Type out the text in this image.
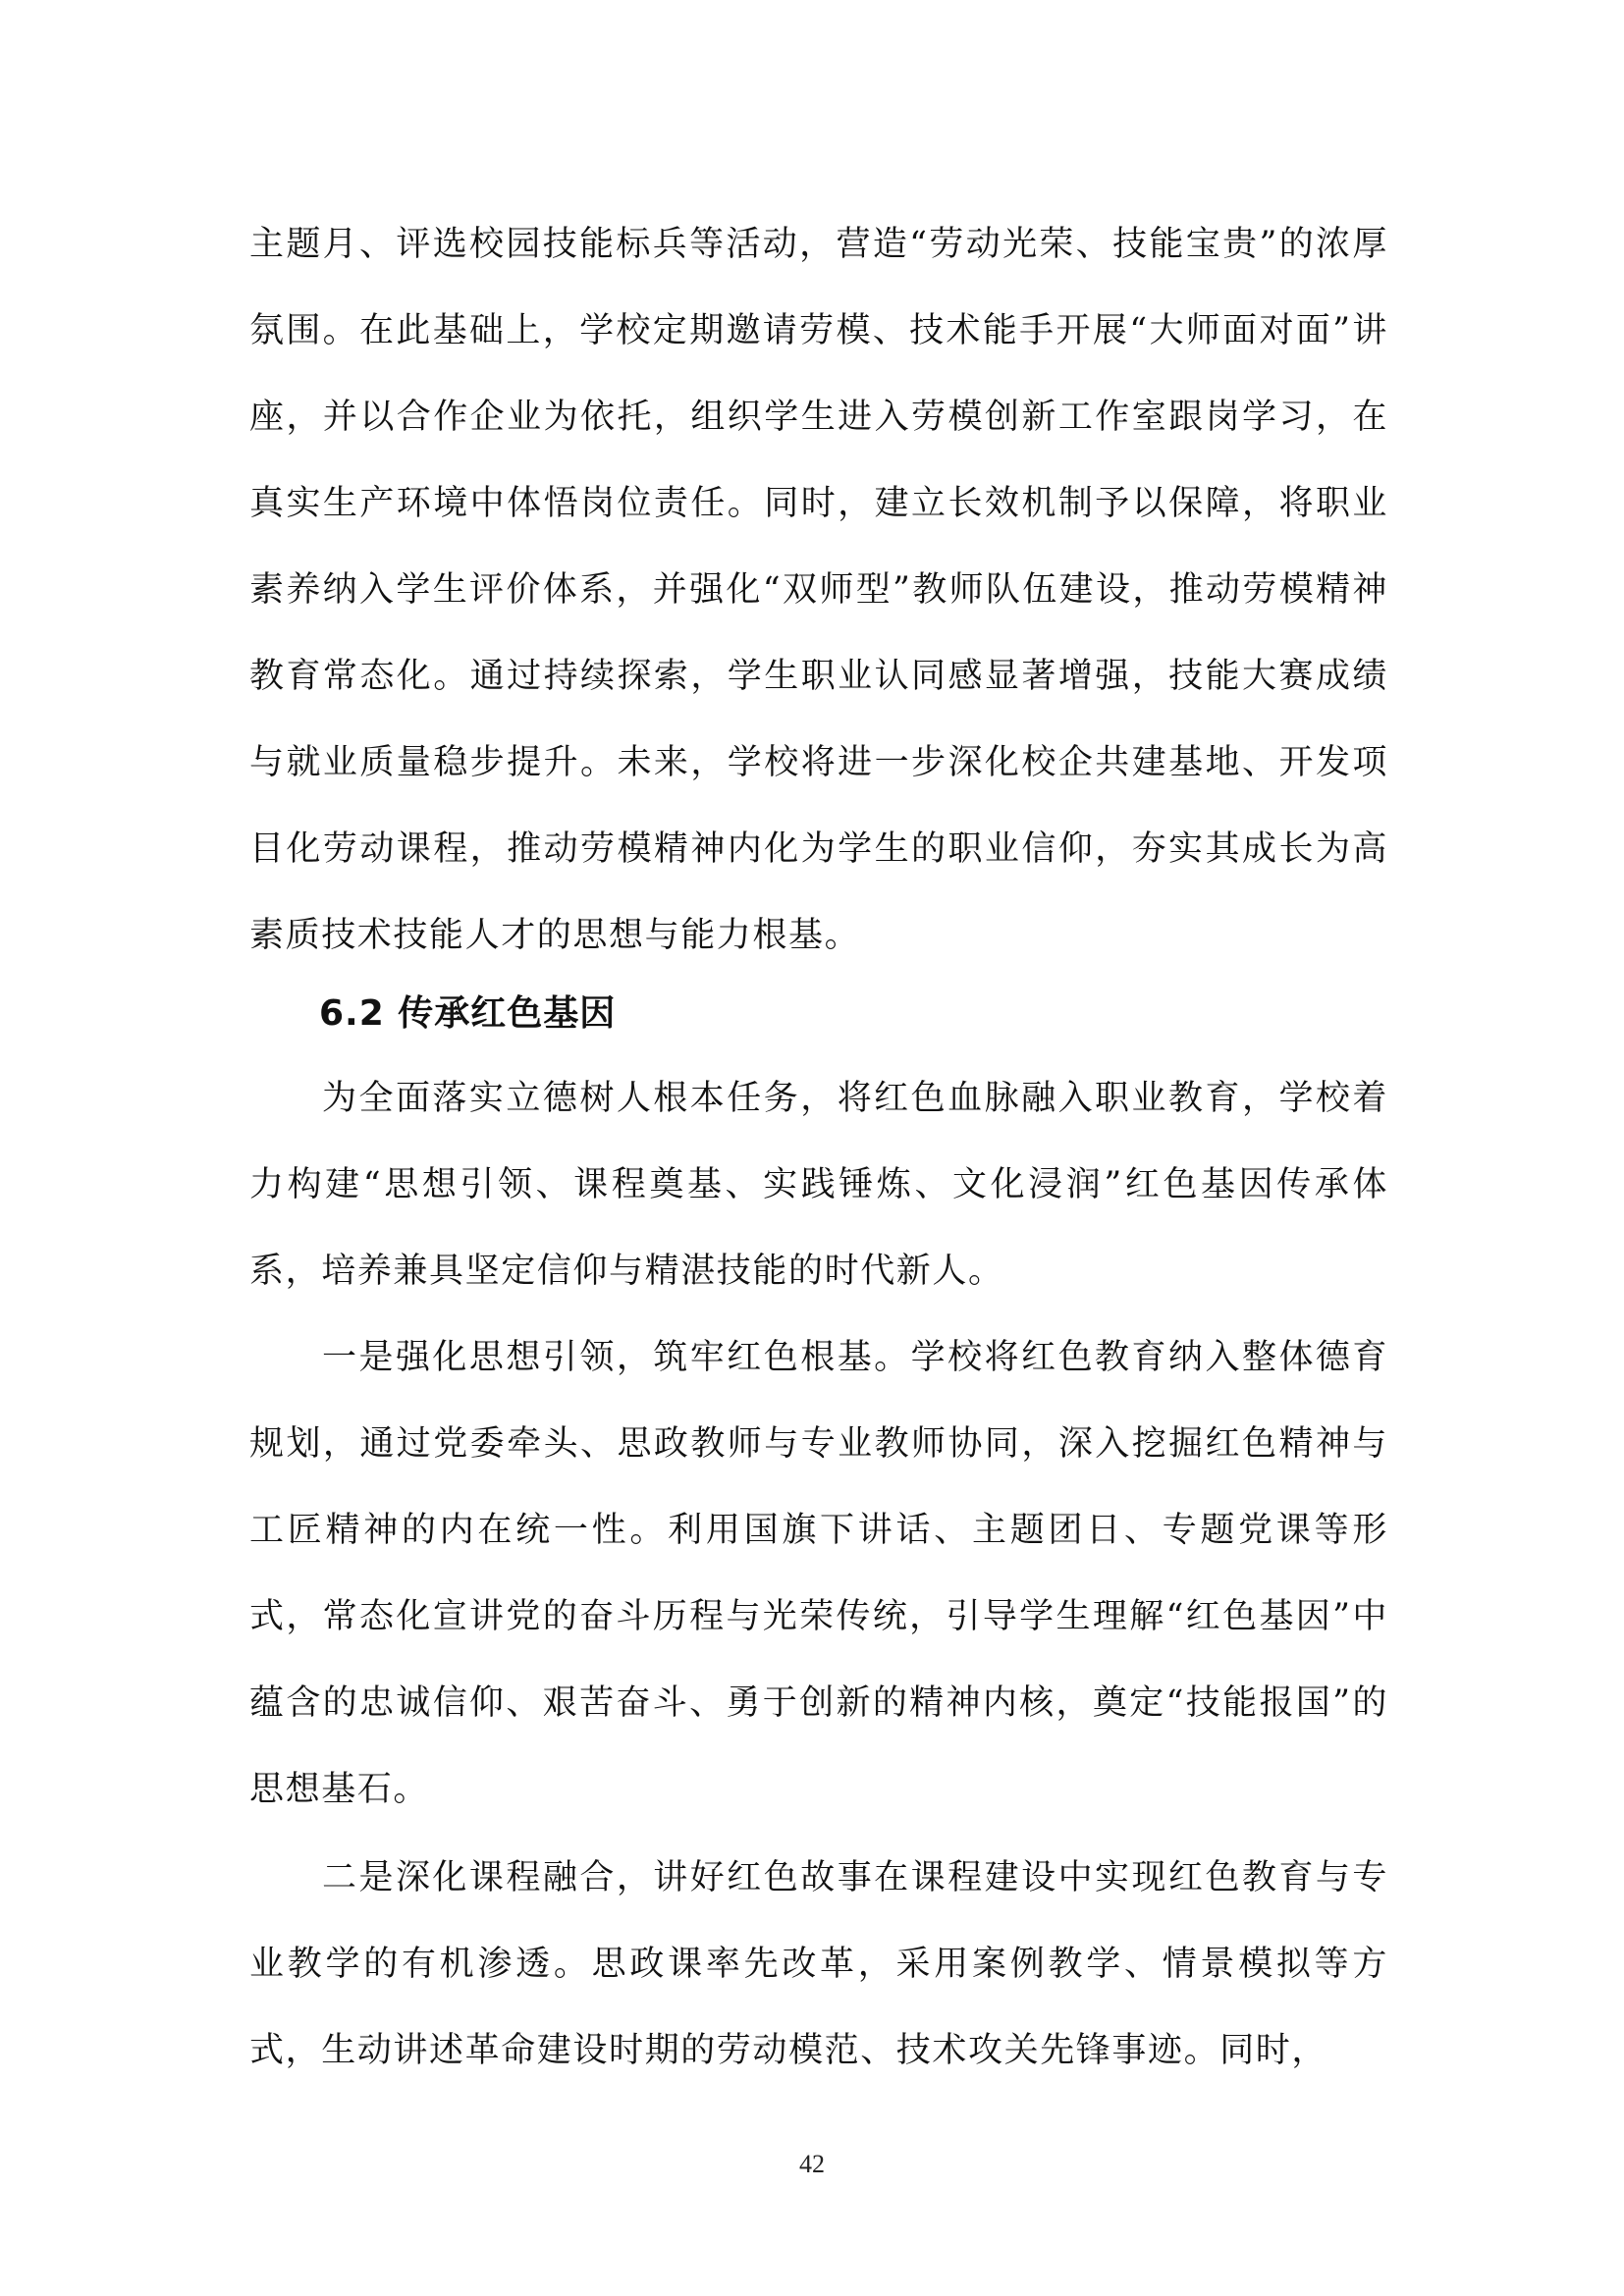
主题月、评选校园技能标兵等活动，营造“劳动光荣、技能宝贵”的浓厚氛围。在此基础上，学校定期邀请劳模、技术能手开展“大师面对面”讲座，并以合作企业为依托，组织学生进入劳模创新工作室跟岗学习，在真实生产环境中体悟岗位责任。同时，建立长效机制予以保障，将职业素养纳入学生评价体系，并强化“双师型”教师队伍建设，推动劳模精神教育常态化。通过持续探索，学生职业认同感显著增强，技能大赛成绩与就业质量稳步提升。未来，学校将进一步深化校企共建基地、开发项目化劳动课程，推动劳模精神内化为学生的职业信仰，夯实其成长为高素质技术技能人才的思想与能力根基。

6.2 传承红色基因

为全面落实立德树人根本任务，将红色血脉融入职业教育，学校着力构建“思想引领、课程奠基、实践锤炼、文化浸润”红色基因传承体系，培养兼具坚定信仰与精湛技能的时代新人。

一是强化思想引领，筑牢红色根基。学校将红色教育纳入整体德育规划，通过党委牵头、思政教师与专业教师协同，深入挖掘红色精神与工匠精神的内在统一性。利用国旗下讲话、主题团日、专题党课等形式，常态化宣讲党的奋斗历程与光荣传统，引导学生理解“红色基因”中蕴含的忠诚信仰、艰苦奋斗、勇于创新的精神内核，奠定“技能报国”的思想基石。

二是深化课程融合，讲好红色故事在课程建设中实现红色教育与专业教学的有机渗透。思政课率先改革，采用案例教学、情景模拟等方式，生动讲述革命建设时期的劳动模范、技术攻关先锋事迹。同时，

42
